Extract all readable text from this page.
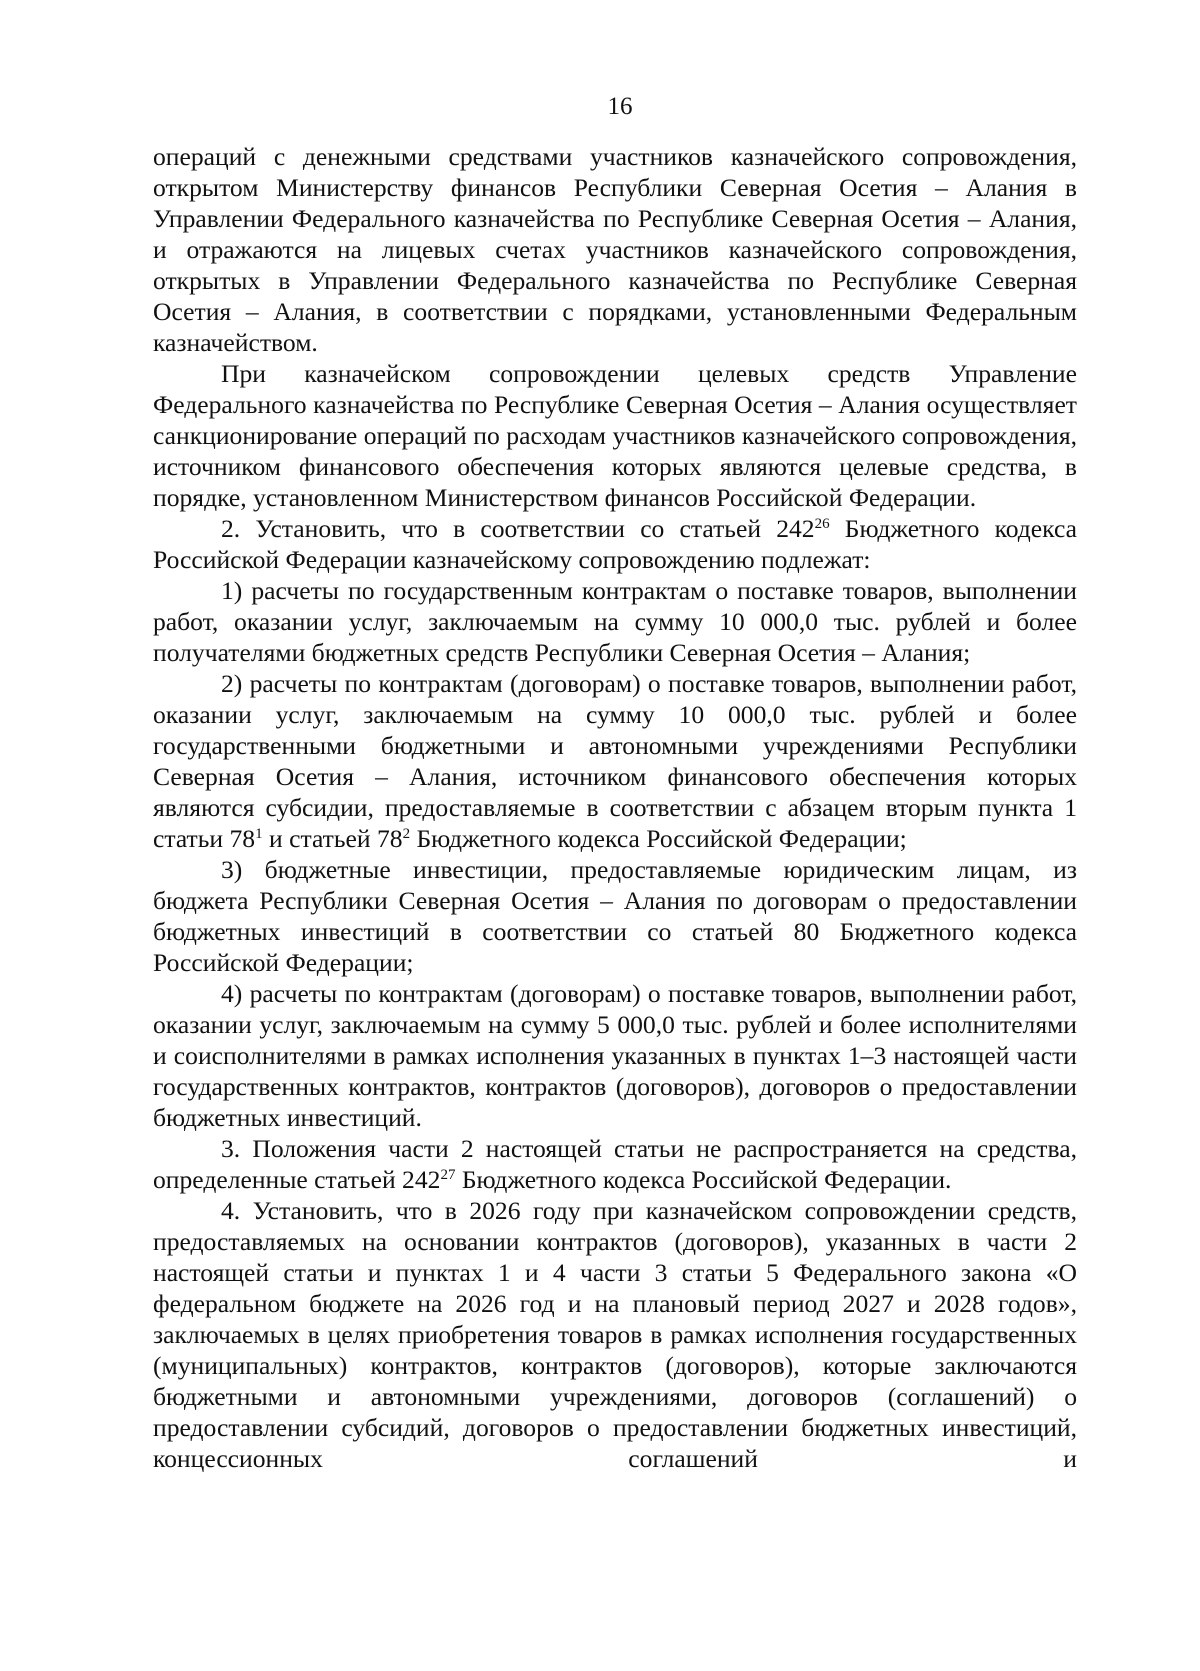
16

операций с денежными средствами участников казначейского сопровождения, открытом Министерству финансов Республики Северная Осетия – Алания в Управлении Федерального казначейства по Республике Северная Осетия – Алания, и отражаются на лицевых счетах участников казначейского сопровождения, открытых в Управлении Федерального казначейства по Республике Северная Осетия – Алания, в соответствии с порядками, установленными Федеральным казначейством.

При казначейском сопровождении целевых средств Управление Федерального казначейства по Республике Северная Осетия – Алания осуществляет санкционирование операций по расходам участников казначейского сопровождения, источником финансового обеспечения которых являются целевые средства, в порядке, установленном Министерством финансов Российской Федерации.

2. Установить, что в соответствии со статьей $242^{26}$ Бюджетного кодекса Российской Федерации казначейскому сопровождению подлежат:

1) расчеты по государственным контрактам о поставке товаров, выполнении работ, оказании услуг, заключаемым на сумму 10 000,0 тыс. рублей и более получателями бюджетных средств Республики Северная Осетия – Алания;

2) расчеты по контрактам (договорам) о поставке товаров, выполнении работ, оказании услуг, заключаемым на сумму 10 000,0 тыс. рублей и более государственными бюджетными и автономными учреждениями Республики Северная Осетия – Алания, источником финансового обеспечения которых являются субсидии, предоставляемые в соответствии с абзацем вторым пункта 1 статьи $78^1$ и статьей $78^2$ Бюджетного кодекса Российской Федерации;

3) бюджетные инвестиции, предоставляемые юридическим лицам, из бюджета Республики Северная Осетия – Алания по договорам о предоставлении бюджетных инвестиций в соответствии со статьей 80 Бюджетного кодекса Российской Федерации;

4) расчеты по контрактам (договорам) о поставке товаров, выполнении работ, оказании услуг, заключаемым на сумму 5 000,0 тыс. рублей и более исполнителями и соисполнителями в рамках исполнения указанных в пунктах 1–3 настоящей части государственных контрактов, контрактов (договоров), договоров о предоставлении бюджетных инвестиций.

3. Положения части 2 настоящей статьи не распространяется на средства, определенные статьей $242^{27}$ Бюджетного кодекса Российской Федерации.

4. Установить, что в 2026 году при казначейском сопровождении средств, предоставляемых на основании контрактов (договоров), указанных в части 2 настоящей статьи и пунктах 1 и 4 части 3 статьи 5 Федерального закона «О федеральном бюджете на 2026 год и на плановый период 2027 и 2028 годов», заключаемых в целях приобретения товаров в рамках исполнения государственных (муниципальных) контрактов, контрактов (договоров), которые заключаются бюджетными и автономными учреждениями, договоров (соглашений) о предоставлении субсидий, договоров о предоставлении бюджетных инвестиций, концессионных соглашений и
